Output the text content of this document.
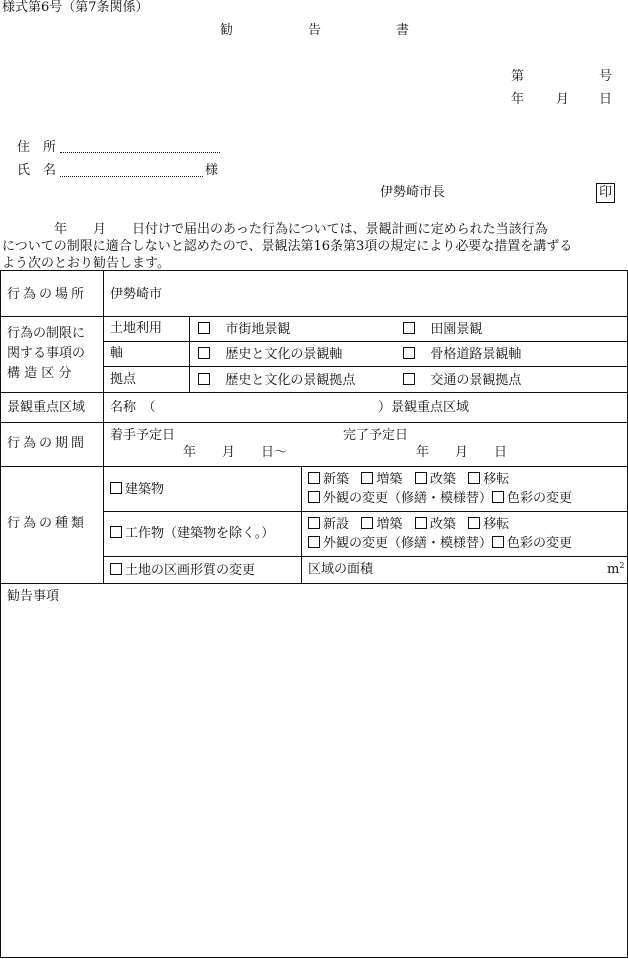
様式第6号（第7条関係）
勧	告	書
第	号
年 月 日
住　所
氏　名	様
伊勢崎市長	印
　　　　年　　月　　日付けで届出のあった行為については、景観計画に定められた当該行為
についての制限に適合しないと認めたので、景観法第16条第3項の規定により必要な措置を講ずる
よう次のとおり勧告します。
行為の場所 伊勢崎市
行為の制限に
関する事項の
構 造 区 分
土地利用	市街地景観	田園景観
軸	歴史と文化の景観軸	骨格道路景観軸
拠点	歴史と文化の景観拠点	交通の景観拠点
景観重点区域 名称　（	）景観重点区域
行為の期間
着手予定日	完了予定日
年　　月　　日～	年　　月　　日
行為の種類
建築物
新築 増築 改築 移転
外観の変更（修繕・模様替） 色彩の変更
工作物（建築物を除く。）
新設 増築 改築 移転
外観の変更（修繕・模様替） 色彩の変更
土地の区画形質の変更	区域の面積	$m^2$
勧告事項
